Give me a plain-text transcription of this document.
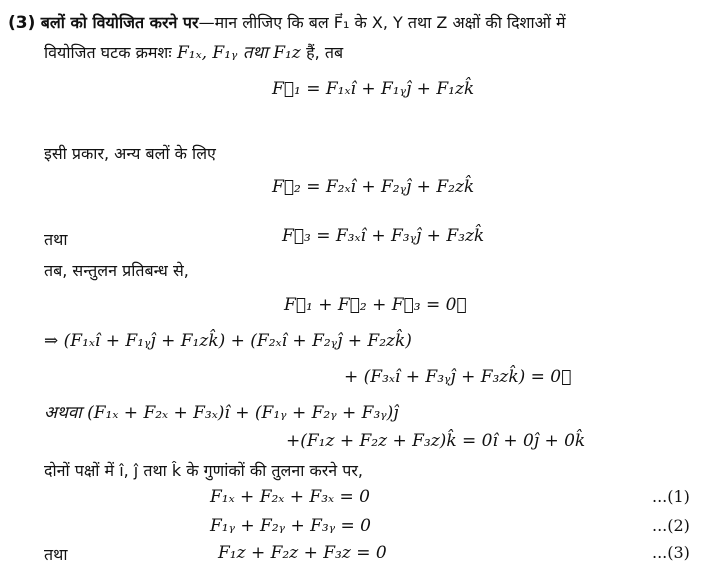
(3) बलों को वियोजित करने पर—मान लीजिए कि बल F⃗₁ के X, Y तथा Z अक्षों की दिशाओं में
वियोजित घटक क्रमशः F₁ₓ, F₁ᵧ तथा F₁z हैं, तब
F⃗₁ = F₁ₓî + F₁ᵧĵ + F₁zk̂
इसी प्रकार, अन्य बलों के लिए
F⃗₂ = F₂ₓî + F₂ᵧĵ + F₂zk̂
तथा	F⃗₃ = F₃ₓî + F₃ᵧĵ + F₃zk̂
तब, सन्तुलन प्रतिबन्ध से,
F⃗₁ + F⃗₂ + F⃗₃ = 0⃗
⇒ (F₁ₓî + F₁ᵧĵ + F₁zk̂) + (F₂ₓî + F₂ᵧĵ + F₂zk̂)
+ (F₃ₓî + F₃ᵧĵ + F₃zk̂) = 0⃗
अथवा (F₁ₓ + F₂ₓ + F₃ₓ)î + (F₁ᵧ + F₂ᵧ + F₃ᵧ)ĵ
+(F₁z + F₂z + F₃z)k̂ = 0î + 0ĵ + 0k̂
दोनों पक्षों में î, ĵ तथा k̂ के गुणांकों की तुलना करने पर,
F₁ₓ + F₂ₓ + F₃ₓ = 0	...(1)
F₁ᵧ + F₂ᵧ + F₃ᵧ = 0	...(2)
तथा	F₁z + F₂z + F₃z = 0	...(3)
